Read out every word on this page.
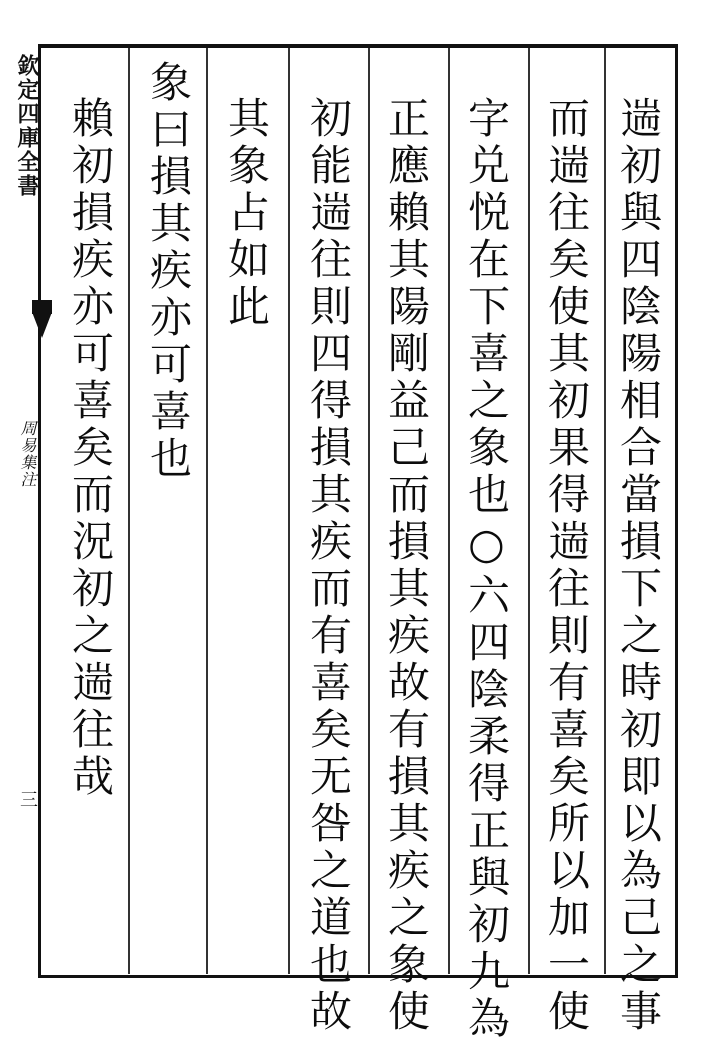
欽定四庫全書
周易集注
三	遄初與四陰陽相合當損下之時初即以為己之事
而遄往矣使其初果得遄往則有喜矣所以加一使
字兑悦在下喜之象也○六四陰柔得正與初九為
正應賴其陽剛益己而損其疾故有損其疾之象使
初能遄往則四得損其疾而有喜矣无咎之道也故
其象占如此
象曰損其疾亦可喜也
賴初損疾亦可喜矣而況初之遄往哉
